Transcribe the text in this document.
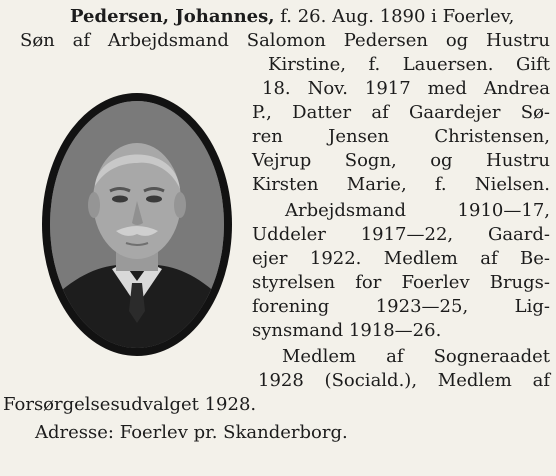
Pedersen, Johannes, f. 26. Aug. 1890 i Foerlev,
Søn af Arbejdsmand Salomon Pedersen og Hustru
Kirstine, f. Lauersen. Gift
18. Nov. 1917 med Andrea
P., Datter af Gaardejer Sø-
ren Jensen Christensen,
Vejrup Sogn, og Hustru
Kirsten Marie, f. Nielsen.
Arbejdsmand 1910—17,
Uddeler 1917—22, Gaard-
ejer 1922. Medlem af Be-
styrelsen for Foerlev Brugs-
forening 1923—25, Lig-
synsmand 1918—26.
Medlem af Sogneraadet
1928 (Sociald.), Medlem af
Forsørgelsesudvalget 1928.
Adresse: Foerlev pr. Skanderborg.
